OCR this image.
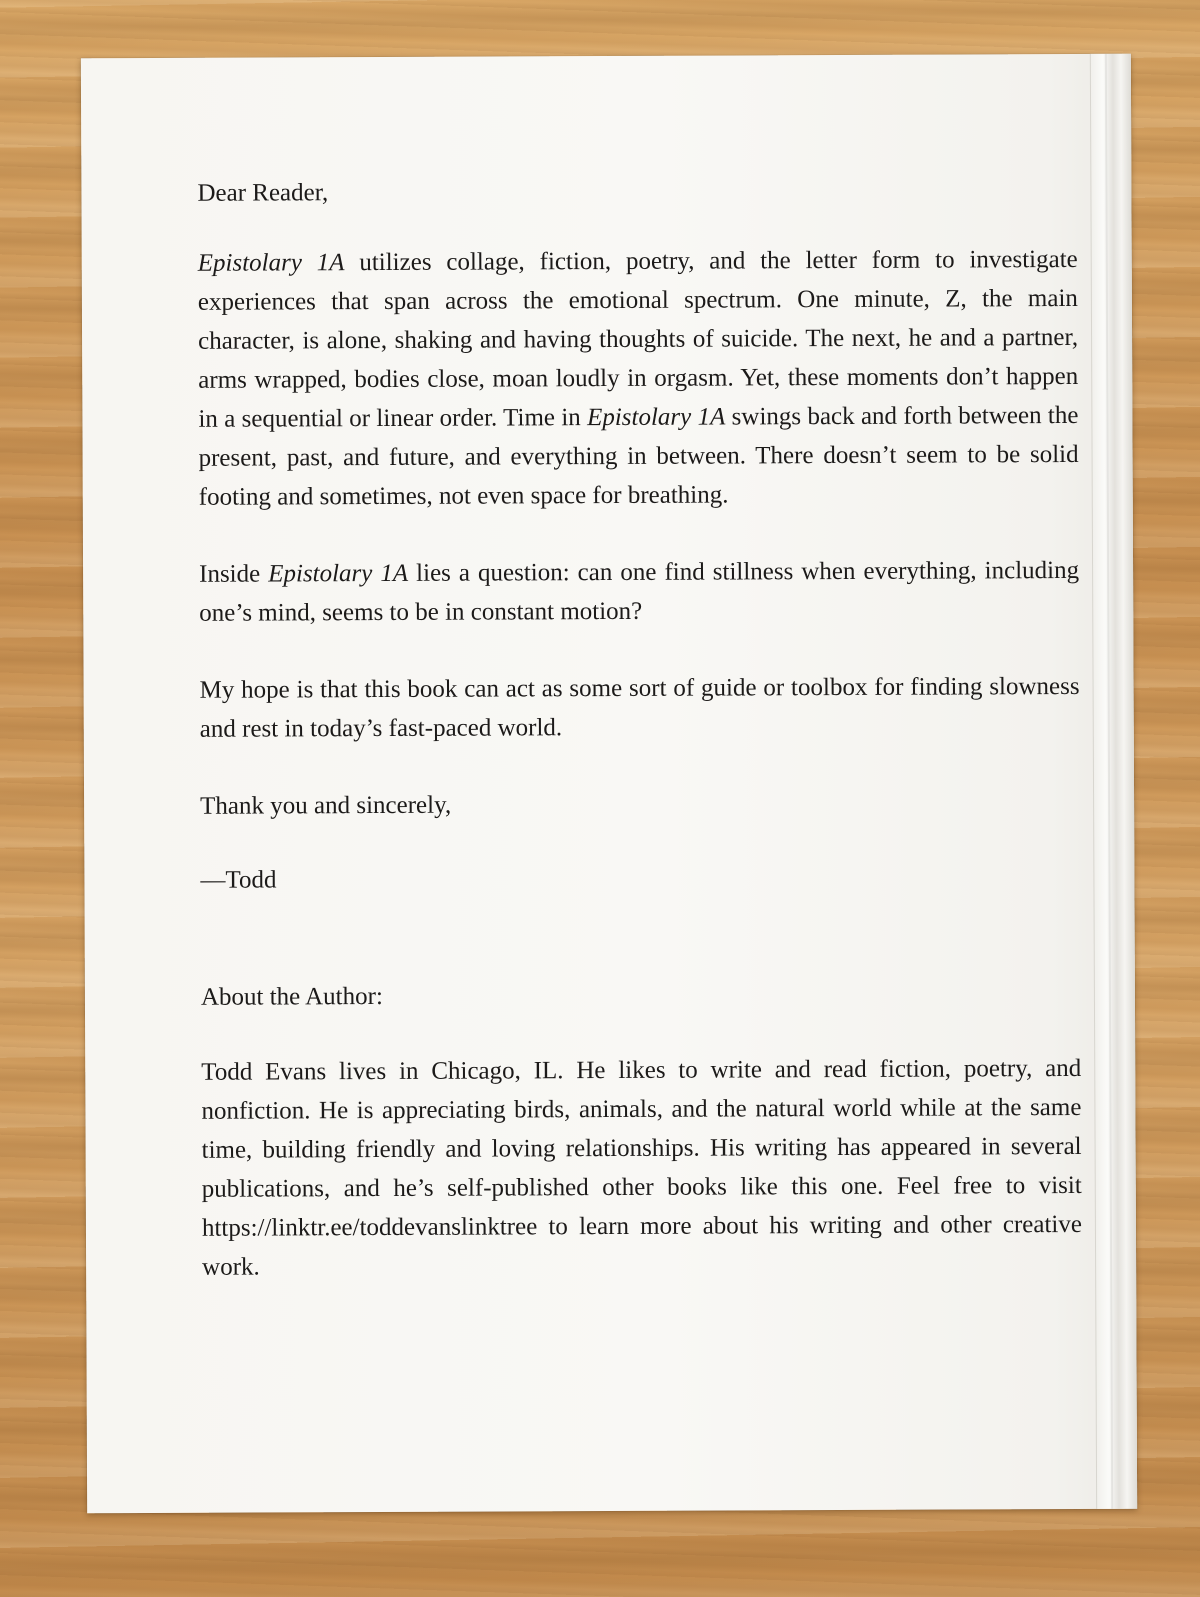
Dear Reader,

Epistolary 1A utilizes collage, fiction, poetry, and the letter form to investigate experiences that span across the emotional spectrum. One minute, Z, the main character, is alone, shaking and having thoughts of suicide. The next, he and a partner, arms wrapped, bodies close, moan loudly in orgasm. Yet, these moments don’t happen in a sequential or linear order. Time in Epistolary 1A swings back and forth between the present, past, and future, and everything in between. There doesn’t seem to be solid footing and sometimes, not even space for breathing.

Inside Epistolary 1A lies a question: can one find stillness when everything, including one’s mind, seems to be in constant motion?

My hope is that this book can act as some sort of guide or toolbox for finding slowness and rest in today’s fast-paced world.

Thank you and sincerely,

—Todd

About the Author:

Todd Evans lives in Chicago, IL. He likes to write and read fiction, poetry, and nonfiction. He is appreciating birds, animals, and the natural world while at the same time, building friendly and loving relationships. His writing has appeared in several publications, and he’s self-published other books like this one. Feel free to visit https://linktr.ee/toddevanslinktree to learn more about his writing and other creative work.
